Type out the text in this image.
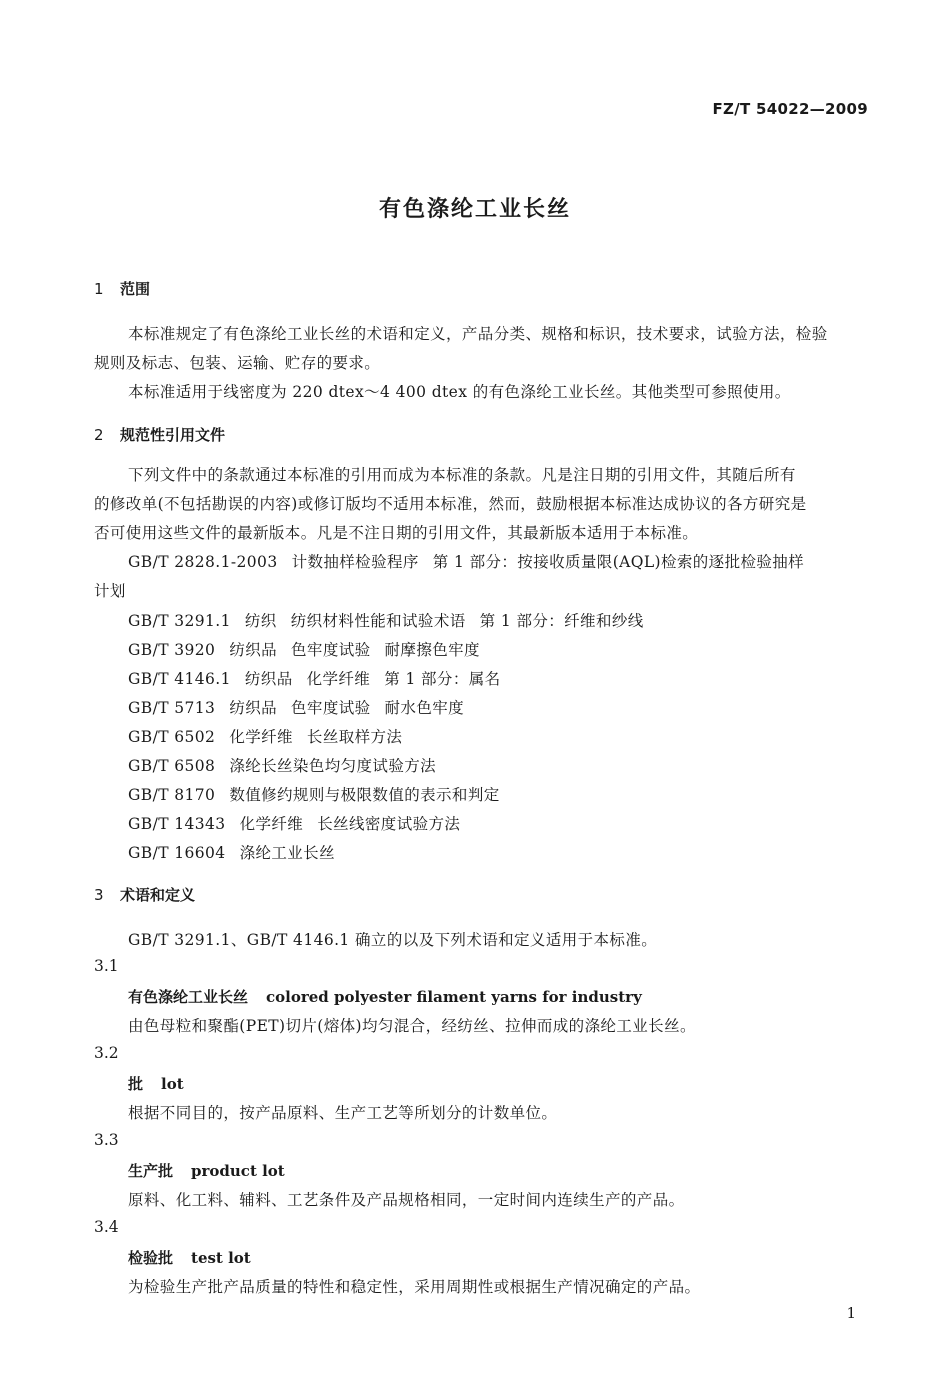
FZ/T 54022—2009
有色涤纶工业长丝
1 范围
本标准规定了有色涤纶工业长丝的术语和定义，产品分类、规格和标识，技术要求，试验方法，检验
规则及标志、包装、运输、贮存的要求。
本标准适用于线密度为 220 dtex～4 400 dtex 的有色涤纶工业长丝。其他类型可参照使用。
2 规范性引用文件
下列文件中的条款通过本标准的引用而成为本标准的条款。凡是注日期的引用文件，其随后所有
的修改单(不包括勘误的内容)或修订版均不适用本标准，然而，鼓励根据本标准达成协议的各方研究是
否可使用这些文件的最新版本。凡是不注日期的引用文件，其最新版本适用于本标准。
GB/T 2828.1-2003 计数抽样检验程序 第 1 部分：按接收质量限(AQL)检索的逐批检验抽样
计划
GB/T 3291.1 纺织 纺织材料性能和试验术语 第 1 部分：纤维和纱线
GB/T 3920 纺织品 色牢度试验 耐摩擦色牢度
GB/T 4146.1 纺织品 化学纤维 第 1 部分：属名
GB/T 5713 纺织品 色牢度试验 耐水色牢度
GB/T 6502 化学纤维 长丝取样方法
GB/T 6508 涤纶长丝染色均匀度试验方法
GB/T 8170 数值修约规则与极限数值的表示和判定
GB/T 14343 化学纤维 长丝线密度试验方法
GB/T 16604 涤纶工业长丝
3 术语和定义
GB/T 3291.1、GB/T 4146.1 确立的以及下列术语和定义适用于本标准。
3.1
有色涤纶工业长丝 colored polyester filament yarns for industry
由色母粒和聚酯(PET)切片(熔体)均匀混合，经纺丝、拉伸而成的涤纶工业长丝。
3.2
批 lot
根据不同目的，按产品原料、生产工艺等所划分的计数单位。
3.3
生产批 product lot
原料、化工料、辅料、工艺条件及产品规格相同，一定时间内连续生产的产品。
3.4
检验批 test lot
为检验生产批产品质量的特性和稳定性，采用周期性或根据生产情况确定的产品。
1
